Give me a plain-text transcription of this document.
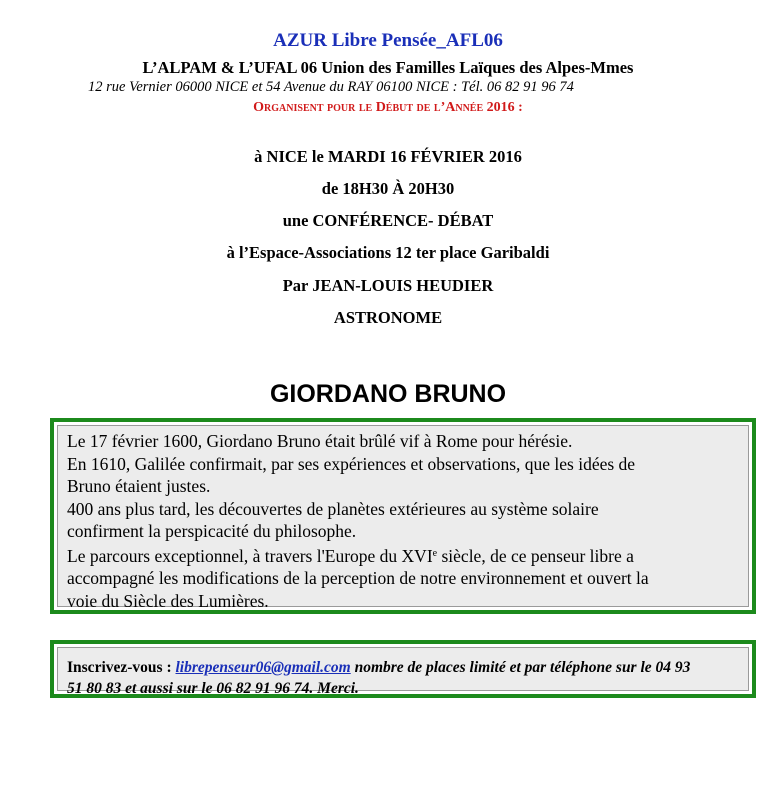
AZUR Libre Pensée_AFL06
L’ALPAM & L’UFAL 06 Union des Familles Laïques des Alpes-Mmes
12 rue Vernier 06000 NICE et 54 Avenue du RAY 06100 NICE : Tél. 06 82 91 96 74
Organisent pour le Début de l’Année 2016 :
à NICE le MARDI 16 FÉVRIER 2016
de 18H30 À 20H30
une CONFÉRENCE- DÉBAT
à l’Espace-Associations 12 ter place Garibaldi
Par JEAN-LOUIS HEUDIER
ASTRONOME
GIORDANO BRUNO

Le 17 février 1600, Giordano Bruno était brûlé vif à Rome pour hérésie.

En 1610, Galilée confirmait, par ses expériences et observations, que les idées de

Bruno étaient justes.

400 ans plus tard, les découvertes de planètes extérieures au système solaire

confirment la perspicacité du philosophe.

Le parcours exceptionnel, à travers l'Europe du XVIe siècle, de ce penseur libre a

accompagné les modifications de la perception de notre environnement et ouvert la

voie du Siècle des Lumières.

Inscrivez-vous : librepenseur06@gmail.com nombre de places limité et par téléphone sur le 04 93
51 80 83 et aussi sur le 06 82 91 96 74. Merci.
